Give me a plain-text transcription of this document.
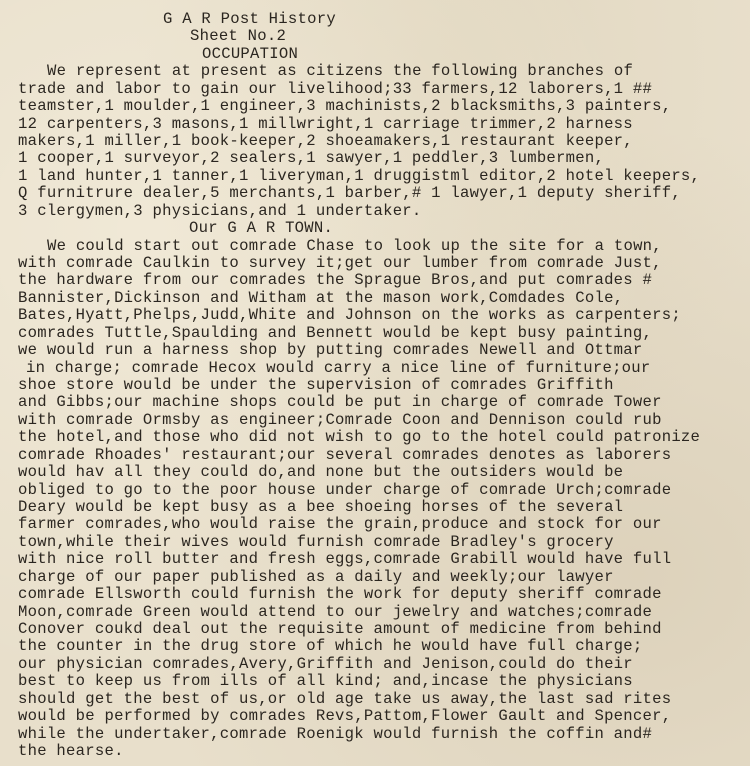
G A R Post History
Sheet No.2
OCCUPATION
We represent at present as citizens the following branches of
trade and labor to gain our livelihood;33 farmers,12 laborers,1 ##
teamster,1 moulder,1 engineer,3 machinists,2 blacksmiths,3 painters,
12 carpenters,3 masons,1 millwright,1 carriage trimmer,2 harness
makers,1 miller,1 book-keeper,2 shoeamakers,1 restaurant keeper,
1 cooper,1 surveyor,2 sealers,1 sawyer,1 peddler,3 lumbermen,
1 land hunter,1 tanner,1 liveryman,1 druggistml editor,2 hotel keepers,
Q furnitrure dealer,5 merchants,1 barber,# 1 lawyer,1 deputy sheriff,
3 clergymen,3 physicians,and 1 undertaker.
Our G A R TOWN.
We could start out comrade Chase to look up the site for a town,
with comrade Caulkin to survey it;get our lumber from comrade Just,
the hardware from our comrades the Sprague Bros,and put comrades #
Bannister,Dickinson and Witham at the mason work,Comdades Cole,
Bates,Hyatt,Phelps,Judd,White and Johnson on the works as carpenters;
comrades Tuttle,Spaulding and Bennett would be kept busy painting,
we would run a harness shop by putting comrades Newell and Ottmar
in charge; comrade Hecox would carry a nice line of furniture;our
shoe store would be under the supervision of comrades Griffith
and Gibbs;our machine shops could be put in charge of comrade Tower
with comrade Ormsby as engineer;Comrade Coon and Dennison could rub
the hotel,and those who did not wish to go to the hotel could patronize
comrade Rhoades' restaurant;our several comrades denotes as laborers
would hav all they could do,and none but the outsiders would be
obliged to go to the poor house under charge of comrade Urch;comrade
Deary would be kept busy as a bee shoeing horses of the several
farmer comrades,who would raise the grain,produce and stock for our
town,while their wives would furnish comrade Bradley's grocery
with nice roll butter and fresh eggs,comrade Grabill would have full
charge of our paper published as a daily and weekly;our lawyer
comrade Ellsworth could furnish the work for deputy sheriff comrade
Moon,comrade Green would attend to our jewelry and watches;comrade
Conover coukd deal out the requisite amount of medicine from behind
the counter in the drug store of which he would have full charge;
our physician comrades,Avery,Griffith and Jenison,could do their
best to keep us from ills of all kind; and,incase the physicians
should get the best of us,or old age take us away,the last sad rites
would be performed by comrades Revs,Pattom,Flower Gault and Spencer,
while the undertaker,comrade Roenigk would furnish the coffin and#
the hearse.
